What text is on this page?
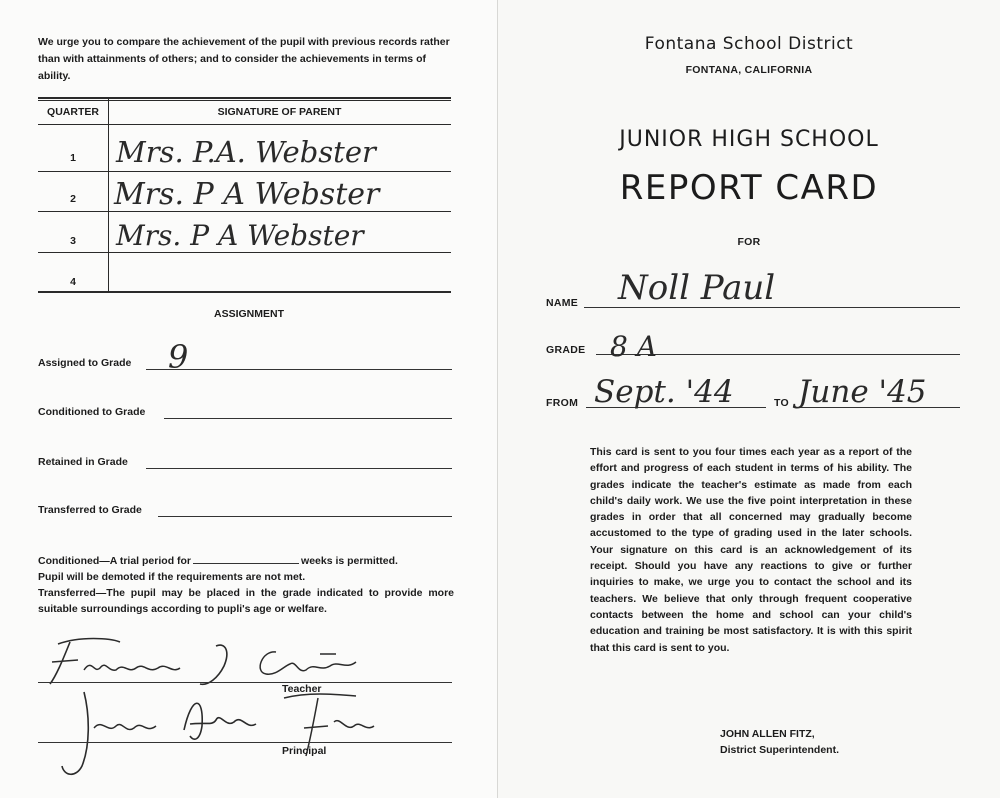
We urge you to compare the achievement of the pupil with previous records rather than with attainments of others; and to consider the achievements in terms of ability.
QUARTER	SIGNATURE OF PARENT
1	Mrs. P.A. Webster
2	Mrs. P A Webster
3	Mrs. P A Webster
4
ASSIGNMENT
Assigned to Grade 9
Conditioned to Grade
Retained in Grade
Transferred to Grade
Conditioned—A trial period for	weeks is permitted.
Pupil will be demoted if the requirements are not met.
Transferred—The pupil may be placed in the grade indicated to provide more suitable surroundings according to pupli's age or welfare.
Teacher
Principal
Fontana School District
FONTANA, CALIFORNIA
JUNIOR HIGH SCHOOL
REPORT CARD
FOR
NAME Noll Paul
GRADE 8 A
FROM Sept. '44	TO June '45
This card is sent to you four times each year as a report of the effort and progress of each student in terms of his ability. The grades indicate the teacher's estimate as made from each child's daily work. We use the five point interpretation in these grades in order that all concerned may gradually become accustomed to the type of grading used in the later schools. Your signature on this card is an acknowledgement of its receipt. Should you have any reactions to give or further inquiries to make, we urge you to contact the school and its teachers. We believe that only through frequent cooperative contacts between the home and school can your child's education and training be most satisfactory. It is with this spirit that this card is sent to you.
JOHN ALLEN FITZ,
District Superintendent.
